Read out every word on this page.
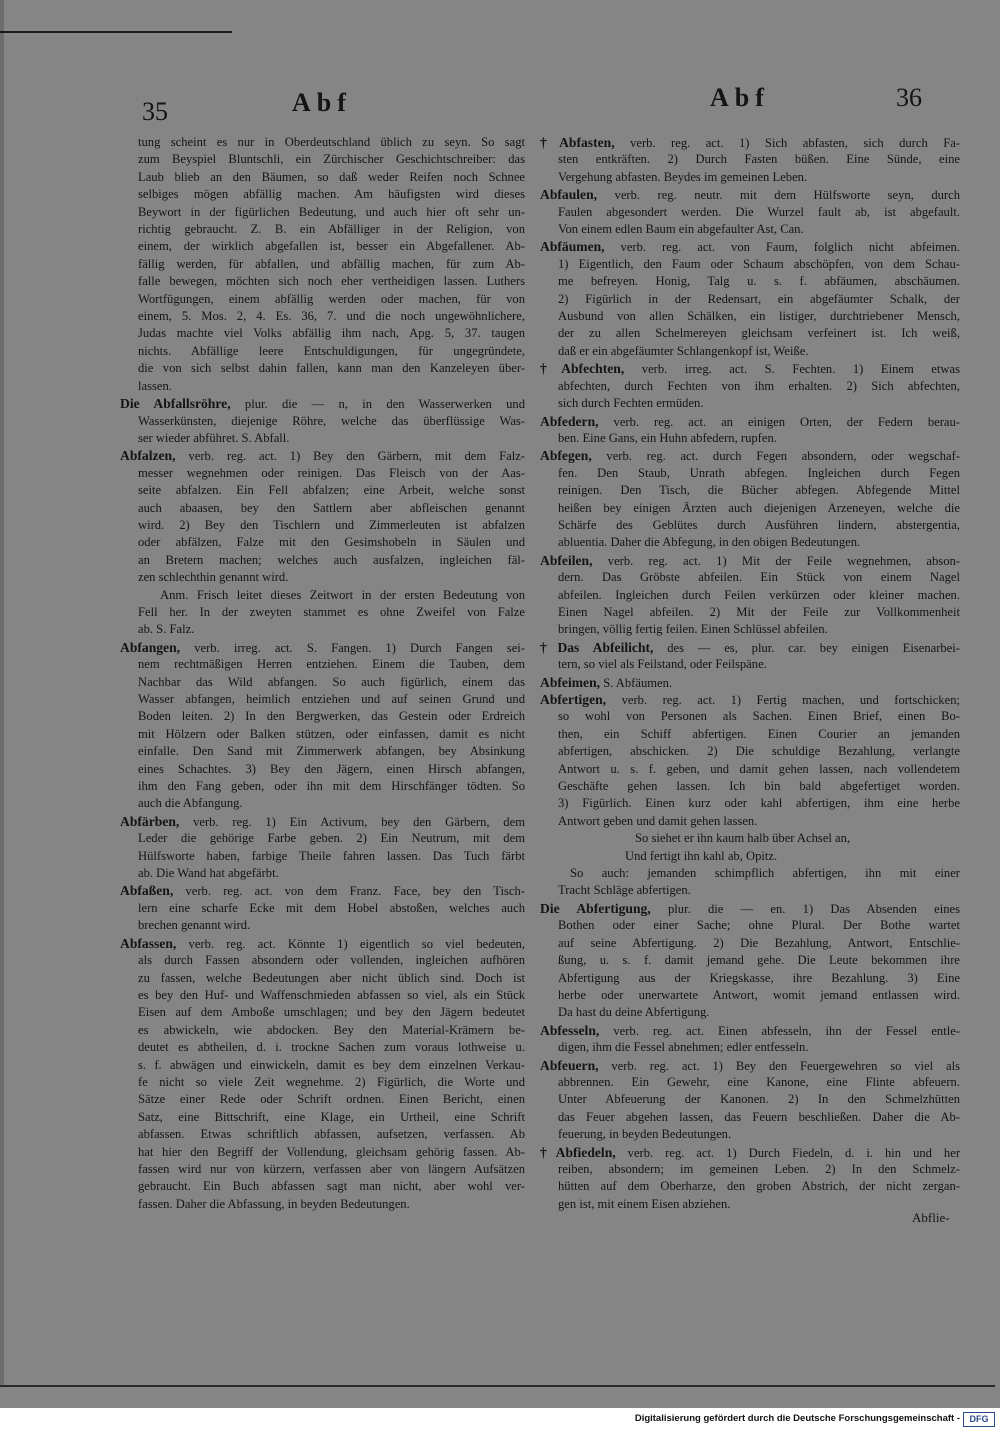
35	Abf	Abf	36
tung scheint es nur in Oberdeutschland üblich zu seyn. So sagt
zum Beyspiel Bluntschli, ein Zürchischer Geschichtschreiber: das
Laub blieb an den Bäumen, so daß weder Reifen noch Schnee
selbiges mögen abfällig machen. Am häufigsten wird dieses
Beywort in der figürlichen Bedeutung, und auch hier oft sehr un-
richtig gebraucht. Z. B. ein Abfälliger in der Religion, von
einem, der wirklich abgefallen ist, besser ein Abgefallener. Ab-
fällig werden, für abfallen, und abfällig machen, für zum Ab-
falle bewegen, möchten sich noch eher vertheidigen lassen. Luthers
Wortfügungen, einem abfällig werden oder machen, für von
einem, 5. Mos. 2, 4. Es. 36, 7. und die noch ungewöhnlichere,
Judas machte viel Volks abfällig ihm nach, Apg. 5, 37. taugen
nichts. Abfällige leere Entschuldigungen, für ungegründete,
die von sich selbst dahin fallen, kann man den Kanzeleyen über-
lassen.
Die Abfallsröhre, plur. die — n, in den Wasserwerken und
Wasserkünsten, diejenige Röhre, welche das überflüssige Was-
ser wieder abführet. S. Abfall.
Abfalzen, verb. reg. act. 1) Bey den Gärbern, mit dem Falz-
messer wegnehmen oder reinigen. Das Fleisch von der Aas-
seite abfalzen. Ein Fell abfalzen; eine Arbeit, welche sonst
auch abaasen, bey den Sattlern aber abfleischen genannt
wird. 2) Bey den Tischlern und Zimmerleuten ist abfalzen
oder abfälzen, Falze mit den Gesimshobeln in Säulen und
an Bretern machen; welches auch ausfalzen, ingleichen fäl-
zen schlechthin genannt wird.
Anm. Frisch leitet dieses Zeitwort in der ersten Bedeutung von
Fell her. In der zweyten stammet es ohne Zweifel von Falze
ab. S. Falz.
Abfangen, verb. irreg. act. S. Fangen. 1) Durch Fangen sei-
nem rechtmäßigen Herren entziehen. Einem die Tauben, dem
Nachbar das Wild abfangen. So auch figürlich, einem das
Wasser abfangen, heimlich entziehen und auf seinen Grund und
Boden leiten. 2) In den Bergwerken, das Gestein oder Erdreich
mit Hölzern oder Balken stützen, oder einfassen, damit es nicht
einfalle. Den Sand mit Zimmerwerk abfangen, bey Absinkung
eines Schachtes. 3) Bey den Jägern, einen Hirsch abfangen,
ihm den Fang geben, oder ihn mit dem Hirschfänger tödten. So
auch die Abfangung.
Abfärben, verb. reg. 1) Ein Activum, bey den Gärbern, dem
Leder die gehörige Farbe geben. 2) Ein Neutrum, mit dem
Hülfsworte haben, farbige Theile fahren lassen. Das Tuch färbt
ab. Die Wand hat abgefärbt.
Abfaßen, verb. reg. act. von dem Franz. Face, bey den Tisch-
lern eine scharfe Ecke mit dem Hobel abstoßen, welches auch
brechen genannt wird.
Abfassen, verb. reg. act. Könnte 1) eigentlich so viel bedeuten,
als durch Fassen absondern oder vollenden, ingleichen aufhören
zu fassen, welche Bedeutungen aber nicht üblich sind. Doch ist
es bey den Huf- und Waffenschmieden abfassen so viel, als ein Stück
Eisen auf dem Amboße umschlagen; und bey den Jägern bedeutet
es abwickeln, wie abdocken. Bey den Material-Krämern be-
deutet es abtheilen, d. i. trockne Sachen zum voraus lothweise u.
s. f. abwägen und einwickeln, damit es bey dem einzelnen Verkau-
fe nicht so viele Zeit wegnehme. 2) Figürlich, die Worte und
Sätze einer Rede oder Schrift ordnen. Einen Bericht, einen
Satz, eine Bittschrift, eine Klage, ein Urtheil, eine Schrift
abfassen. Etwas schriftlich abfassen, aufsetzen, verfassen. Ab
hat hier den Begriff der Vollendung, gleichsam gehörig fassen. Ab-
fassen wird nur von kürzern, verfassen aber von längern Aufsätzen
gebraucht. Ein Buch abfassen sagt man nicht, aber wohl ver-
fassen. Daher die Abfassung, in beyden Bedeutungen.
†Abfasten, verb. reg. act. 1) Sich abfasten, sich durch Fa-
sten entkräften. 2) Durch Fasten büßen. Eine Sünde, eine
Vergehung abfasten. Beydes im gemeinen Leben.
Abfaulen, verb. reg. neutr. mit dem Hülfsworte seyn, durch
Faulen abgesondert werden. Die Wurzel fault ab, ist abgefault.
Von einem edlen Baum ein abgefaulter Ast, Can.
Abfäumen, verb. reg. act. von Faum, folglich nicht abfeimen.
1) Eigentlich, den Faum oder Schaum abschöpfen, von dem Schau-
me befreyen. Honig, Talg u. s. f. abfäumen, abschäumen.
2) Figürlich in der Redensart, ein abgefäumter Schalk, der
Ausbund von allen Schälken, ein listiger, durchtriebener Mensch,
der zu allen Schelmereyen gleichsam verfeinert ist. Ich weiß,
daß er ein abgefäumter Schlangenkopf ist, Weiße.
†Abfechten, verb. irreg. act. S. Fechten. 1) Einem etwas
abfechten, durch Fechten von ihm erhalten. 2) Sich abfechten,
sich durch Fechten ermüden.
Abfedern, verb. reg. act. an einigen Orten, der Federn berau-
ben. Eine Gans, ein Huhn abfedern, rupfen.
Abfegen, verb. reg. act. durch Fegen absondern, oder wegschaf-
fen. Den Staub, Unrath abfegen. Ingleichen durch Fegen
reinigen. Den Tisch, die Bücher abfegen. Abfegende Mittel
heißen bey einigen Ärzten auch diejenigen Arzeneyen, welche die
Schärfe des Geblütes durch Ausführen lindern, abstergentia,
abluentia. Daher die Abfegung, in den obigen Bedeutungen.
Abfeilen, verb. reg. act. 1) Mit der Feile wegnehmen, abson-
dern. Das Gröbste abfeilen. Ein Stück von einem Nagel
abfeilen. Ingleichen durch Feilen verkürzen oder kleiner machen.
Einen Nagel abfeilen. 2) Mit der Feile zur Vollkommenheit
bringen, völlig fertig feilen. Einen Schlüssel abfeilen.
†Das Abfeilicht, des — es, plur. car. bey einigen Eisenarbei-
tern, so viel als Feilstand, oder Feilspäne.
Abfeimen, S. Abfäumen.
Abfertigen, verb. reg. act. 1) Fertig machen, und fortschicken;
so wohl von Personen als Sachen. Einen Brief, einen Bo-
then, ein Schiff abfertigen. Einen Courier an jemanden
abfertigen, abschicken. 2) Die schuldige Bezahlung, verlangte
Antwort u. s. f. geben, und damit gehen lassen, nach vollendetem
Geschäfte gehen lassen. Ich bin bald abgefertiget worden.
3) Figürlich. Einen kurz oder kahl abfertigen, ihm eine herbe
Antwort geben und damit gehen lassen.
So siehet er ihn kaum halb über Achsel an,
Und fertigt ihn kahl ab, Opitz.
So auch: jemanden schimpflich abfertigen, ihn mit einer
Tracht Schläge abfertigen.
Die Abfertigung, plur. die — en. 1) Das Absenden eines
Bothen oder einer Sache; ohne Plural. Der Bothe wartet
auf seine Abfertigung. 2) Die Bezahlung, Antwort, Entschlie-
ßung, u. s. f. damit jemand gehe. Die Leute bekommen ihre
Abfertigung aus der Kriegskasse, ihre Bezahlung. 3) Eine
herbe oder unerwartete Antwort, womit jemand entlassen wird.
Da hast du deine Abfertigung.
Abfesseln, verb. reg. act. Einen abfesseln, ihn der Fessel entle-
digen, ihm die Fessel abnehmen; edler entfesseln.
Abfeuern, verb. reg. act. 1) Bey den Feuergewehren so viel als
abbrennen. Ein Gewehr, eine Kanone, eine Flinte abfeuern.
Unter Abfeuerung der Kanonen. 2) In den Schmelzhütten
das Feuer abgehen lassen, das Feuern beschließen. Daher die Ab-
feuerung, in beyden Bedeutungen.
†Abfiedeln, verb. reg. act. 1) Durch Fiedeln, d. i. hin und her
reiben, absondern; im gemeinen Leben. 2) In den Schmelz-
hütten auf dem Oberharze, den groben Abstrich, der nicht zergan-
gen ist, mit einem Eisen abziehen.
Abflie-
Digitalisierung gefördert durch die Deutsche Forschungsgemeinschaft -	DFG
